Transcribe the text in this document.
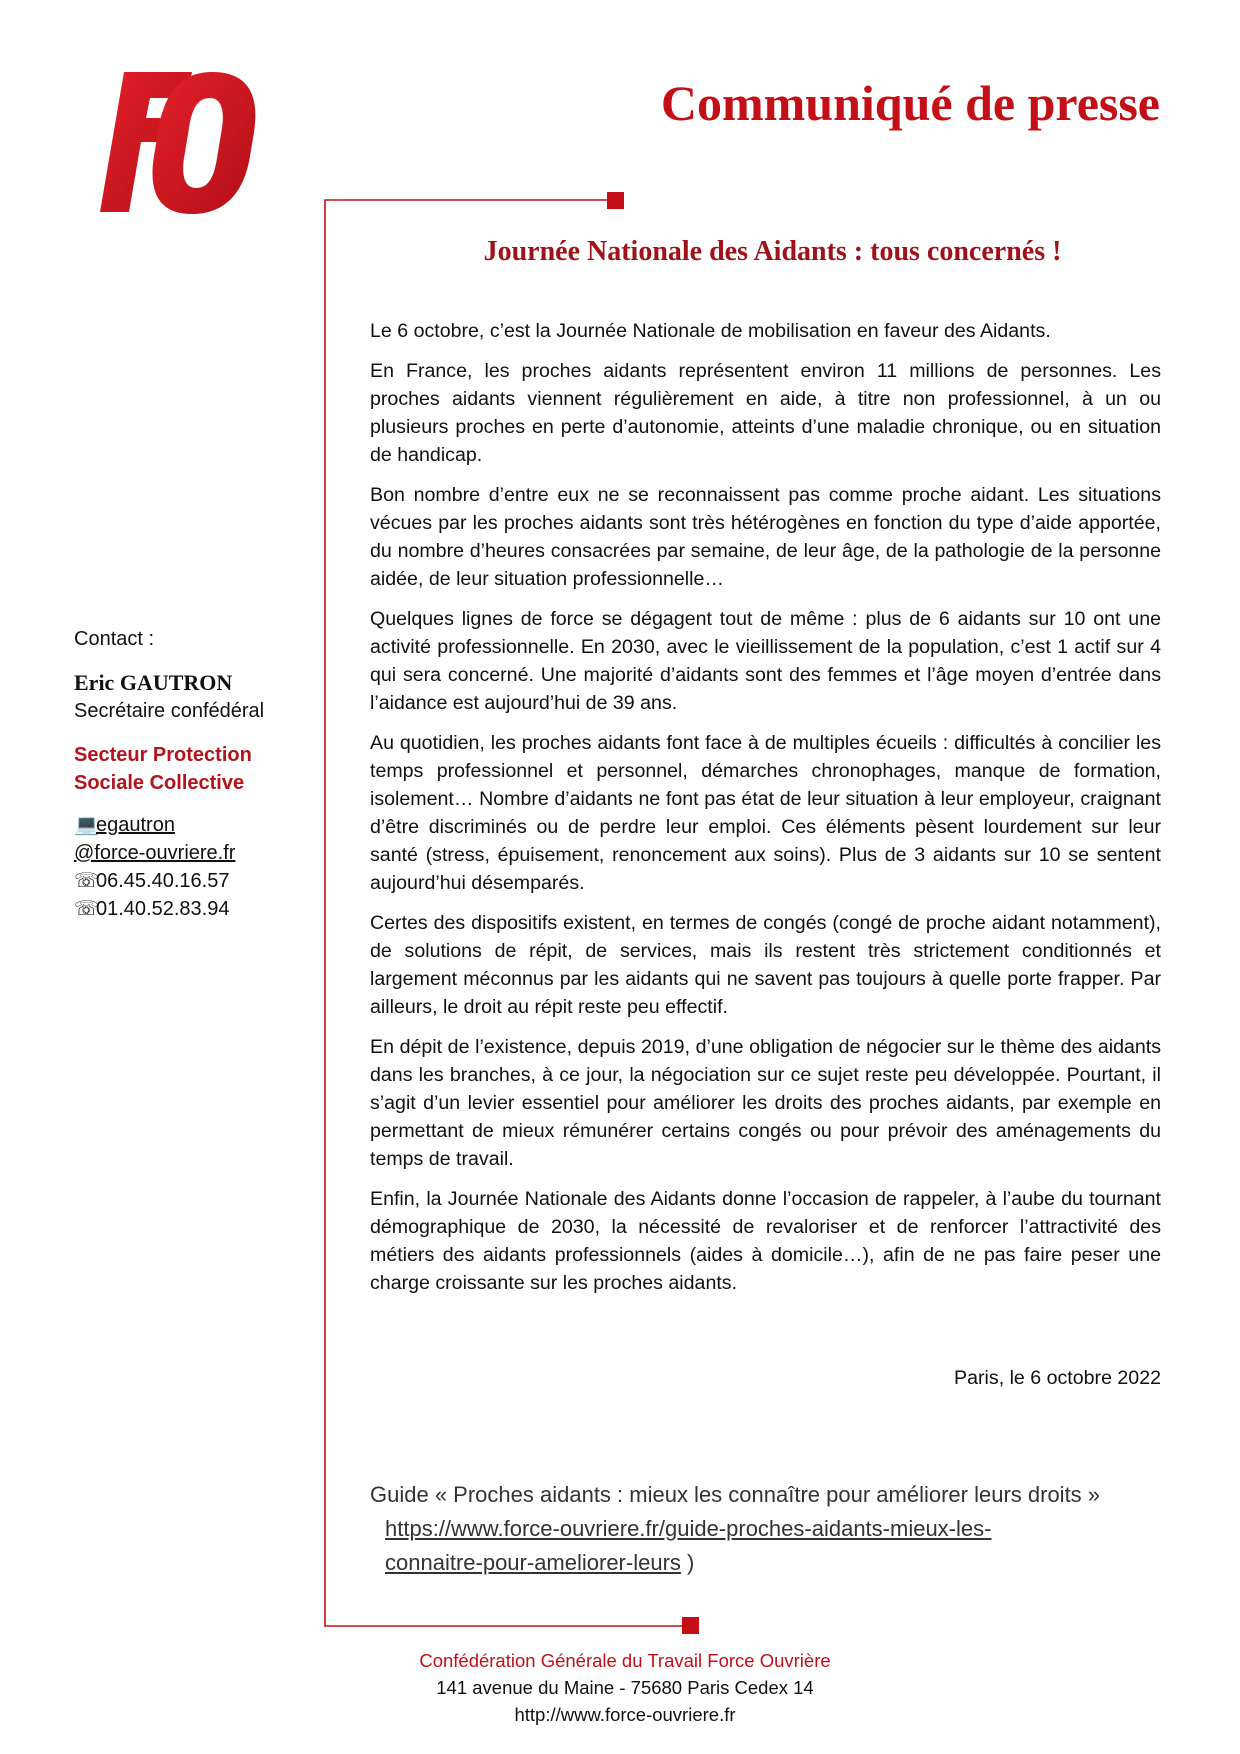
Communiqué de presse
Journée Nationale des Aidants : tous concernés !

Le 6 octobre, c’est la Journée Nationale de mobilisation en faveur des Aidants.

En France, les proches aidants représentent environ 11 millions de personnes. Les proches aidants viennent régulièrement en aide, à titre non professionnel, à un ou plusieurs proches en perte d’autonomie, atteints d’une maladie chronique, ou en situation de handicap.

Bon nombre d’entre eux ne se reconnaissent pas comme proche aidant. Les situations vécues par les proches aidants sont très hétérogènes en fonction du type d’aide apportée, du nombre d’heures consacrées par semaine, de leur âge, de la pathologie de la personne aidée, de leur situation professionnelle…

Quelques lignes de force se dégagent tout de même : plus de 6 aidants sur 10 ont une activité professionnelle. En 2030, avec le vieillissement de la population, c’est 1 actif sur 4 qui sera concerné. Une majorité d’aidants sont des femmes et l’âge moyen d’entrée dans l’aidance est aujourd’hui de 39 ans.

Au quotidien, les proches aidants font face à de multiples écueils : difficultés à concilier les temps professionnel et personnel, démarches chronophages, manque de formation, isolement… Nombre d’aidants ne font pas état de leur situation à leur employeur, craignant d’être discriminés ou de perdre leur emploi. Ces éléments pèsent lourdement sur leur santé (stress, épuisement, renoncement aux soins). Plus de 3 aidants sur 10 se sentent aujourd’hui désemparés.

Certes des dispositifs existent, en termes de congés (congé de proche aidant notamment), de solutions de répit, de services, mais ils restent très strictement conditionnés et largement méconnus par les aidants qui ne savent pas toujours à quelle porte frapper. Par ailleurs, le droit au répit reste peu effectif.

En dépit de l’existence, depuis 2019, d’une obligation de négocier sur le thème des aidants dans les branches, à ce jour, la négociation sur ce sujet reste peu développée. Pourtant, il s’agit d’un levier essentiel pour améliorer les droits des proches aidants, par exemple en permettant de mieux rémunérer certains congés ou pour prévoir des aménagements du temps de travail.

Enfin, la Journée Nationale des Aidants donne l’occasion de rappeler, à l’aube du tournant démographique de 2030, la nécessité de revaloriser et de renforcer l’attractivité des métiers des aidants professionnels (aides à domicile…), afin de ne pas faire peser une charge croissante sur les proches aidants.

Paris, le 6 octobre 2022
Guide « Proches aidants : mieux les connaître pour améliorer leurs droits »
https://www.force-ouvriere.fr/guide-proches-aidants-mieux-les-
connaitre-pour-ameliorer-leurs )
Contact :
Eric GAUTRON
Secrétaire confédéral
Secteur Protection
Sociale Collective
💻egautron
@force-ouvriere.fr
☏06.45.40.16.57
☏01.40.52.83.94
Confédération Générale du Travail Force Ouvrière
141 avenue du Maine - 75680 Paris Cedex 14
http://www.force-ouvriere.fr
